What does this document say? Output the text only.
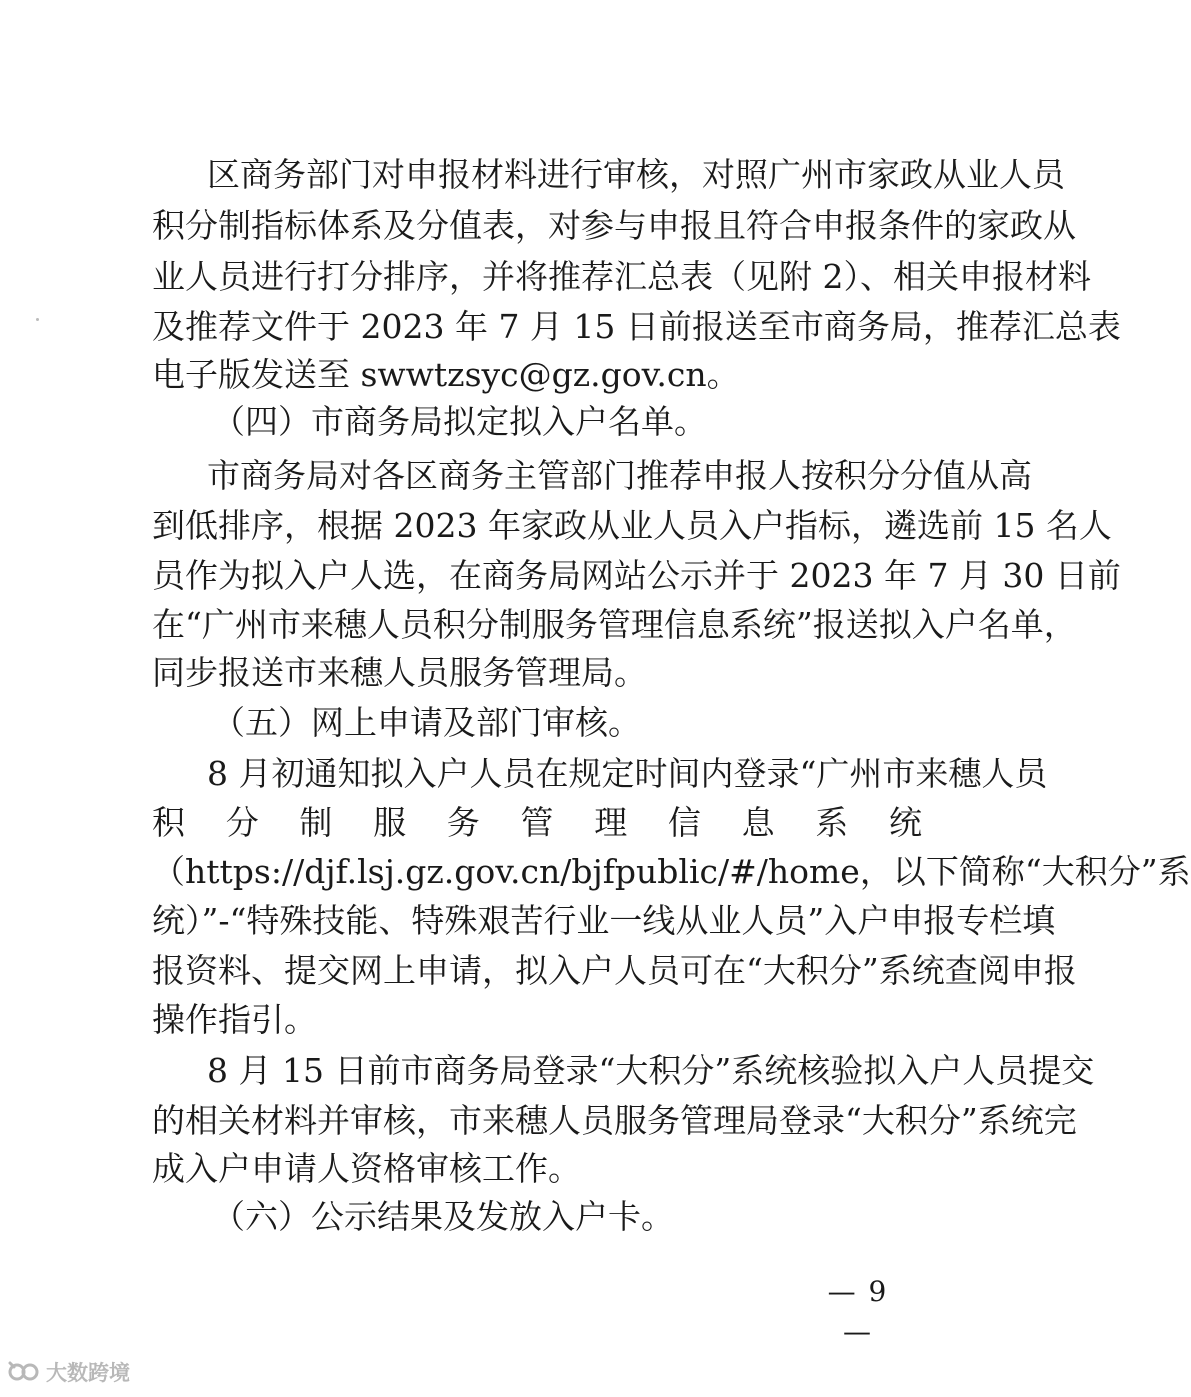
区商务部门对申报材料进行审核，对照广州市家政从业人员
积分制指标体系及分值表，对参与申报且符合申报条件的家政从
业人员进行打分排序，并将推荐汇总表（见附 2）、相关申报材料
及推荐文件于 2023 年 7 月 15 日前报送至市商务局，推荐汇总表
电子版发送至 swwtzsyc@gz.gov.cn。
（四）市商务局拟定拟入户名单。
市商务局对各区商务主管部门推荐申报人按积分分值从高
到低排序，根据 2023 年家政从业人员入户指标，遴选前 15 名人
员作为拟入户人选，在商务局网站公示并于 2023 年 7 月 30 日前
在“广州市来穗人员积分制服务管理信息系统”报送拟入户名单，
同步报送市来穗人员服务管理局。
（五）网上申请及部门审核。
8 月初通知拟入户人员在规定时间内登录“广州市来穗人员
积 分 制 服 务 管 理 信 息 系 统
（https://djf.lsj.gz.gov.cn/bjfpublic/#/home，以下简称“大积分”系
统）”-“特殊技能、特殊艰苦行业一线从业人员”入户申报专栏填
报资料、提交网上申请，拟入户人员可在“大积分”系统查阅申报
操作指引。
8 月 15 日前市商务局登录“大积分”系统核验拟入户人员提交
的相关材料并审核，市来穗人员服务管理局登录“大积分”系统完
成入户申请人资格审核工作。
（六）公示结果及发放入户卡。
— 9 —
大数跨境
